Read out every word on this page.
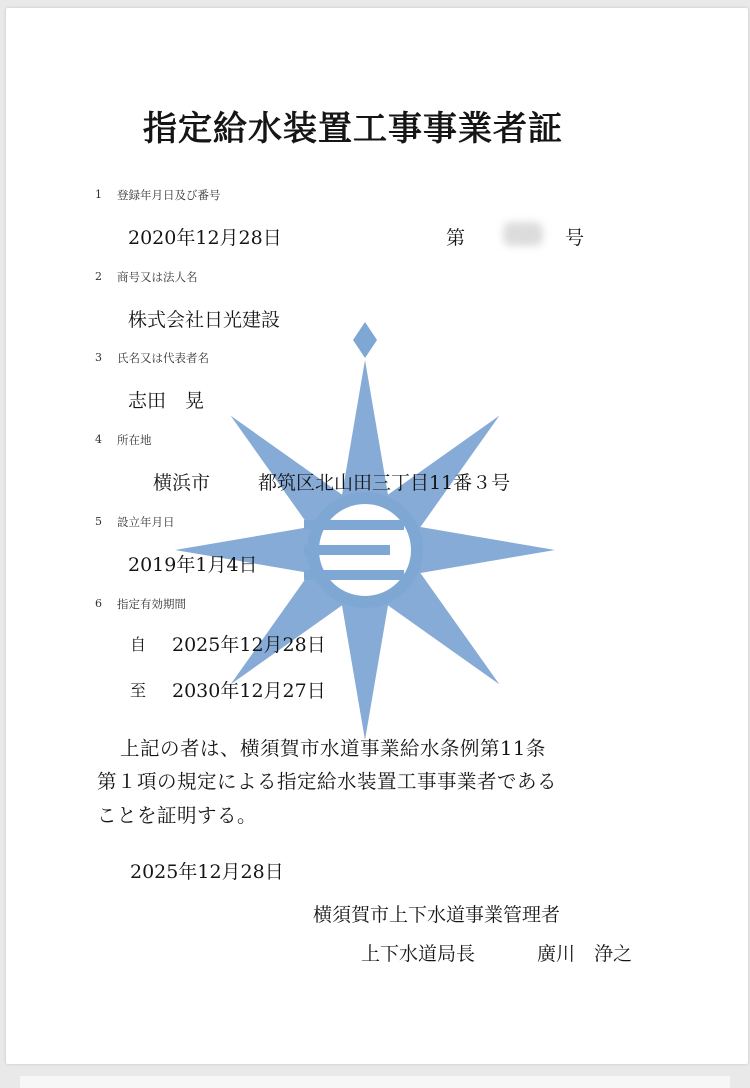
指定給水装置工事事業者証
1 登録年月日及び番号
2020年12月28日	第	号
2 商号又は法人名
株式会社日光建設
3 氏名又は代表者名
志田　晃
4 所在地
横浜市	都筑区北山田三丁目11番３号
5 設立年月日
2019年1月4日
6 指定有効期間
自 2025年12月28日
至 2030年12月27日
上記の者は、横須賀市水道事業給水条例第11条
第１項の規定による指定給水装置工事事業者である
ことを証明する。
2025年12月28日
横須賀市上下水道事業管理者
上下水道局長	廣川　浄之
